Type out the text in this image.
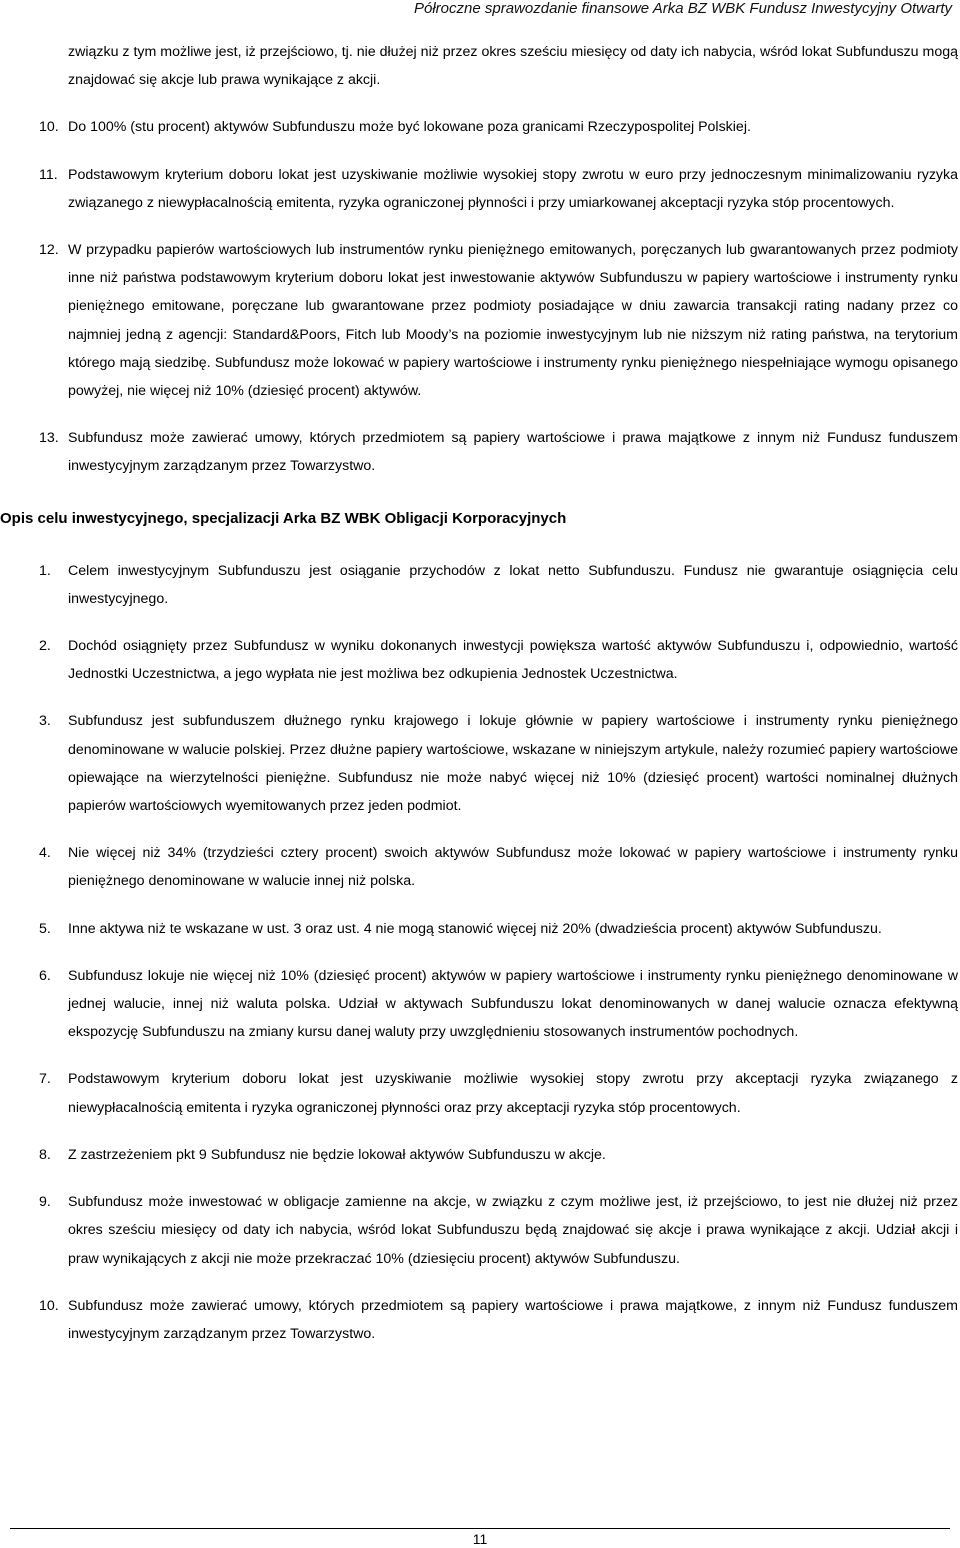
Półroczne sprawozdanie finansowe Arka BZ WBK Fundusz Inwestycyjny Otwarty
związku z tym możliwe jest, iż przejściowo, tj. nie dłużej niż przez okres sześciu miesięcy od daty ich nabycia, wśród lokat Subfunduszu mogą znajdować się akcje lub prawa wynikające z akcji.
10. Do 100% (stu procent) aktywów Subfunduszu może być lokowane poza granicami Rzeczypospolitej Polskiej.
11. Podstawowym kryterium doboru lokat jest uzyskiwanie możliwie wysokiej stopy zwrotu w euro przy jednoczesnym minimalizowaniu ryzyka związanego z niewypłacalnością emitenta, ryzyka ograniczonej płynności i przy umiarkowanej akceptacji ryzyka stóp procentowych.
12. W przypadku papierów wartościowych lub instrumentów rynku pieniężnego emitowanych, poręczanych lub gwarantowanych przez podmioty inne niż państwa podstawowym kryterium doboru lokat jest inwestowanie aktywów Subfunduszu w papiery wartościowe i instrumenty rynku pieniężnego emitowane, poręczane lub gwarantowane przez podmioty posiadające w dniu zawarcia transakcji rating nadany przez co najmniej jedną z agencji: Standard&Poors, Fitch lub Moody’s na poziomie inwestycyjnym lub nie niższym niż rating państwa, na terytorium którego mają siedzibę. Subfundusz może lokować w papiery wartościowe i instrumenty rynku pieniężnego niespełniające wymogu opisanego powyżej, nie więcej niż 10% (dziesięć procent) aktywów.
13. Subfundusz może zawierać umowy, których przedmiotem są papiery wartościowe i prawa majątkowe z innym niż Fundusz funduszem inwestycyjnym zarządzanym przez Towarzystwo.
Opis celu inwestycyjnego, specjalizacji Arka BZ WBK Obligacji Korporacyjnych
1. Celem inwestycyjnym Subfunduszu jest osiąganie przychodów z lokat netto Subfunduszu. Fundusz nie gwarantuje osiągnięcia celu inwestycyjnego.
2. Dochód osiągnięty przez Subfundusz w wyniku dokonanych inwestycji powiększa wartość aktywów Subfunduszu i, odpowiednio, wartość Jednostki Uczestnictwa, a jego wypłata nie jest możliwa bez odkupienia Jednostek Uczestnictwa.
3. Subfundusz jest subfunduszem dłużnego rynku krajowego i lokuje głównie w papiery wartościowe i instrumenty rynku pieniężnego denominowane w walucie polskiej. Przez dłużne papiery wartościowe, wskazane w niniejszym artykule, należy rozumieć papiery wartościowe opiewające na wierzytelności pieniężne. Subfundusz nie może nabyć więcej niż 10% (dziesięć procent) wartości nominalnej dłużnych papierów wartościowych wyemitowanych przez jeden podmiot.
4. Nie więcej niż 34% (trzydzieści cztery procent) swoich aktywów Subfundusz może lokować w papiery wartościowe i instrumenty rynku pieniężnego denominowane w walucie innej niż polska.
5. Inne aktywa niż te wskazane w ust. 3 oraz ust. 4 nie mogą stanowić więcej niż 20% (dwadzieścia procent) aktywów Subfunduszu.
6. Subfundusz lokuje nie więcej niż 10% (dziesięć procent) aktywów w papiery wartościowe i instrumenty rynku pieniężnego denominowane w jednej walucie, innej niż waluta polska. Udział w aktywach Subfunduszu lokat denominowanych w danej walucie oznacza efektywną ekspozycję Subfunduszu na zmiany kursu danej waluty przy uwzględnieniu stosowanych instrumentów pochodnych.
7. Podstawowym kryterium doboru lokat jest uzyskiwanie możliwie wysokiej stopy zwrotu przy akceptacji ryzyka związanego z niewypłacalnością emitenta i ryzyka ograniczonej płynności oraz przy akceptacji ryzyka stóp procentowych.
8. Z zastrzeżeniem pkt 9 Subfundusz nie będzie lokował aktywów Subfunduszu w akcje.
9. Subfundusz może inwestować w obligacje zamienne na akcje, w związku z czym możliwe jest, iż przejściowo, to jest nie dłużej niż przez okres sześciu miesięcy od daty ich nabycia, wśród lokat Subfunduszu będą znajdować się akcje i prawa wynikające z akcji. Udział akcji i praw wynikających z akcji nie może przekraczać 10% (dziesięciu procent) aktywów Subfunduszu.
10. Subfundusz może zawierać umowy, których przedmiotem są papiery wartościowe i prawa majątkowe, z innym niż Fundusz funduszem inwestycyjnym zarządzanym przez Towarzystwo.
11
